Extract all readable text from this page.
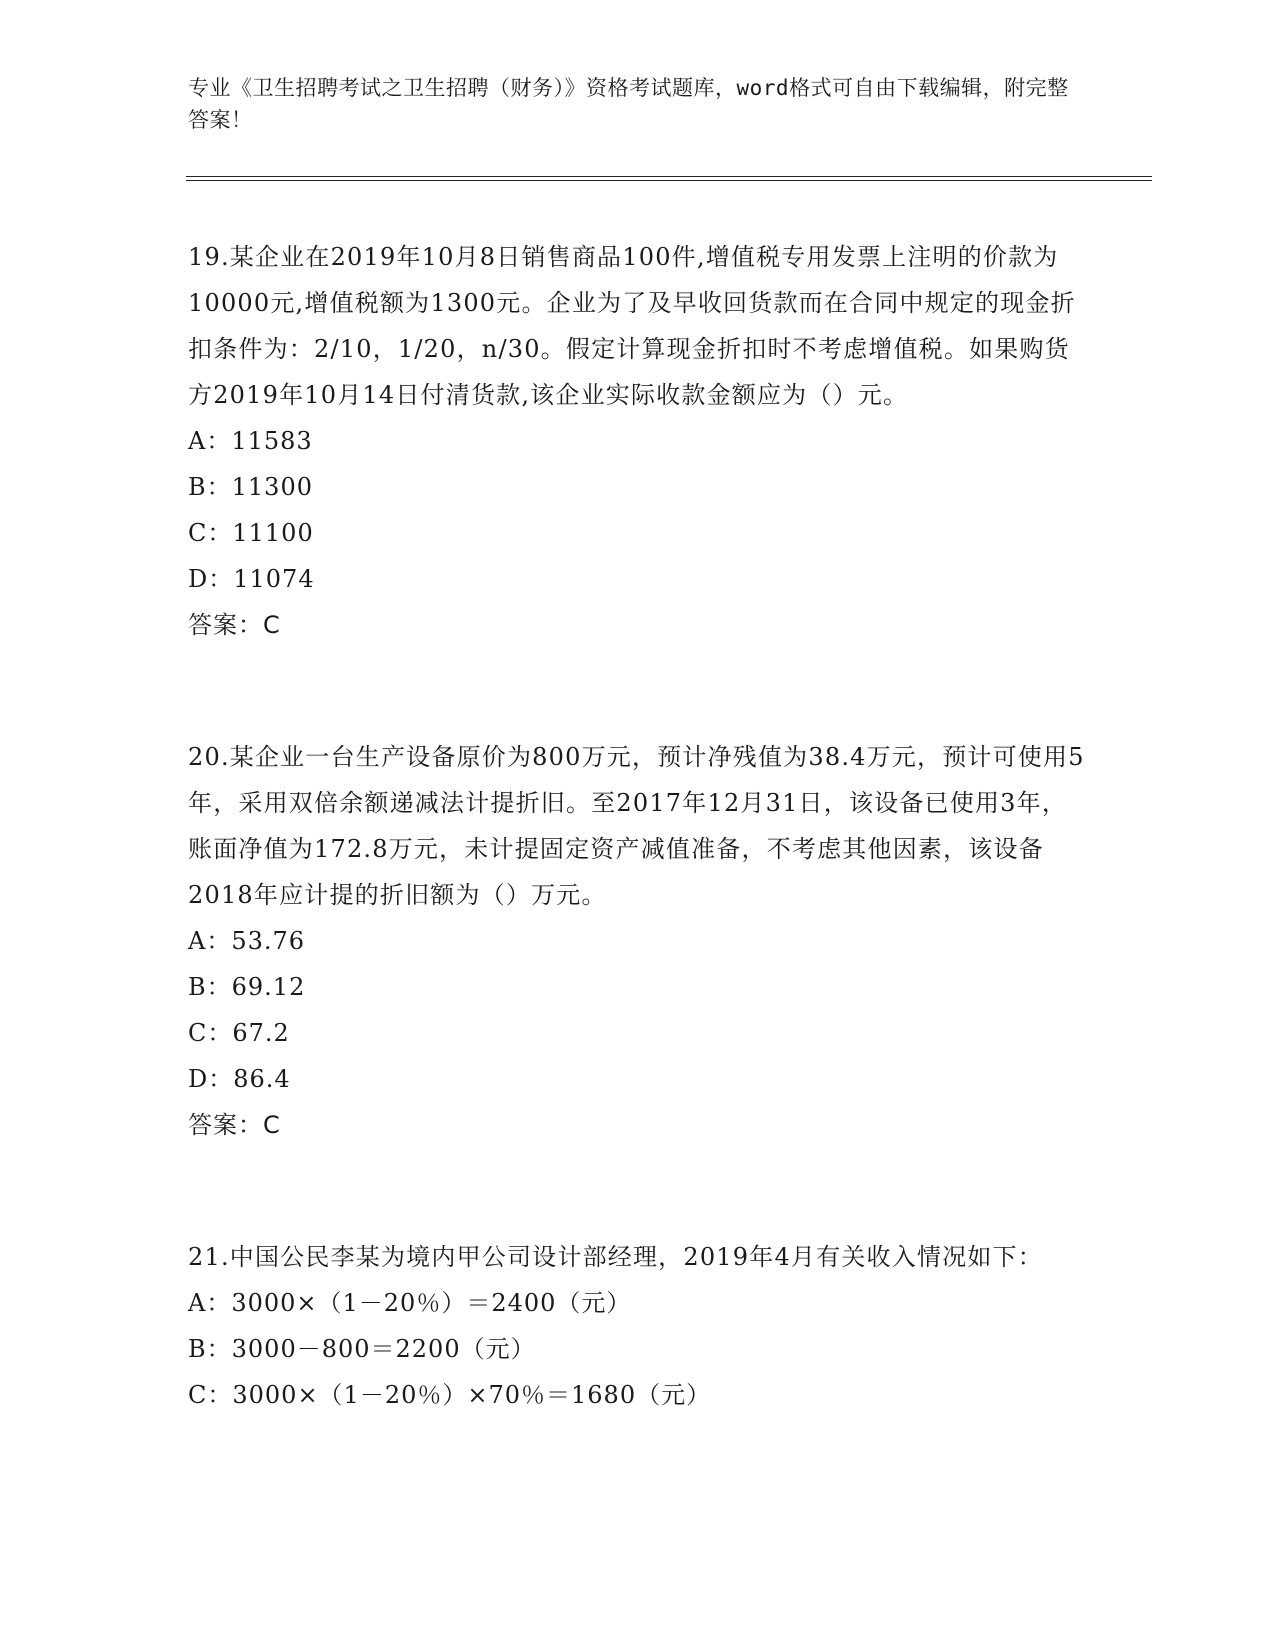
专业《卫生招聘考试之卫生招聘（财务）》资格考试题库，word格式可自由下载编辑，附完整答案！

19.某企业在2019年10月8日销售商品100件,增值税专用发票上注明的价款为10000元,增值税额为1300元。企业为了及早收回货款而在合同中规定的现金折扣条件为：2/10，1/20，n/30。假定计算现金折扣时不考虑增值税。如果购货方2019年10月14日付清货款,该企业实际收款金额应为（）元。

A：11583

B：11300

C：11100

D：11074

答案：C

20.某企业一台生产设备原价为800万元，预计净残值为38.4万元，预计可使用5年，采用双倍余额递减法计提折旧。至2017年12月31日，该设备已使用3年，账面净值为172.8万元，未计提固定资产减值准备，不考虑其他因素，该设备2018年应计提的折旧额为（）万元。

A：53.76

B：69.12

C：67.2

D：86.4

答案：C

21.中国公民李某为境内甲公司设计部经理，2019年4月有关收入情况如下：

A：3000×（1－20％）＝2400（元）

B：3000－800＝2200（元）

C：3000×（1－20％）×70％＝1680（元）
